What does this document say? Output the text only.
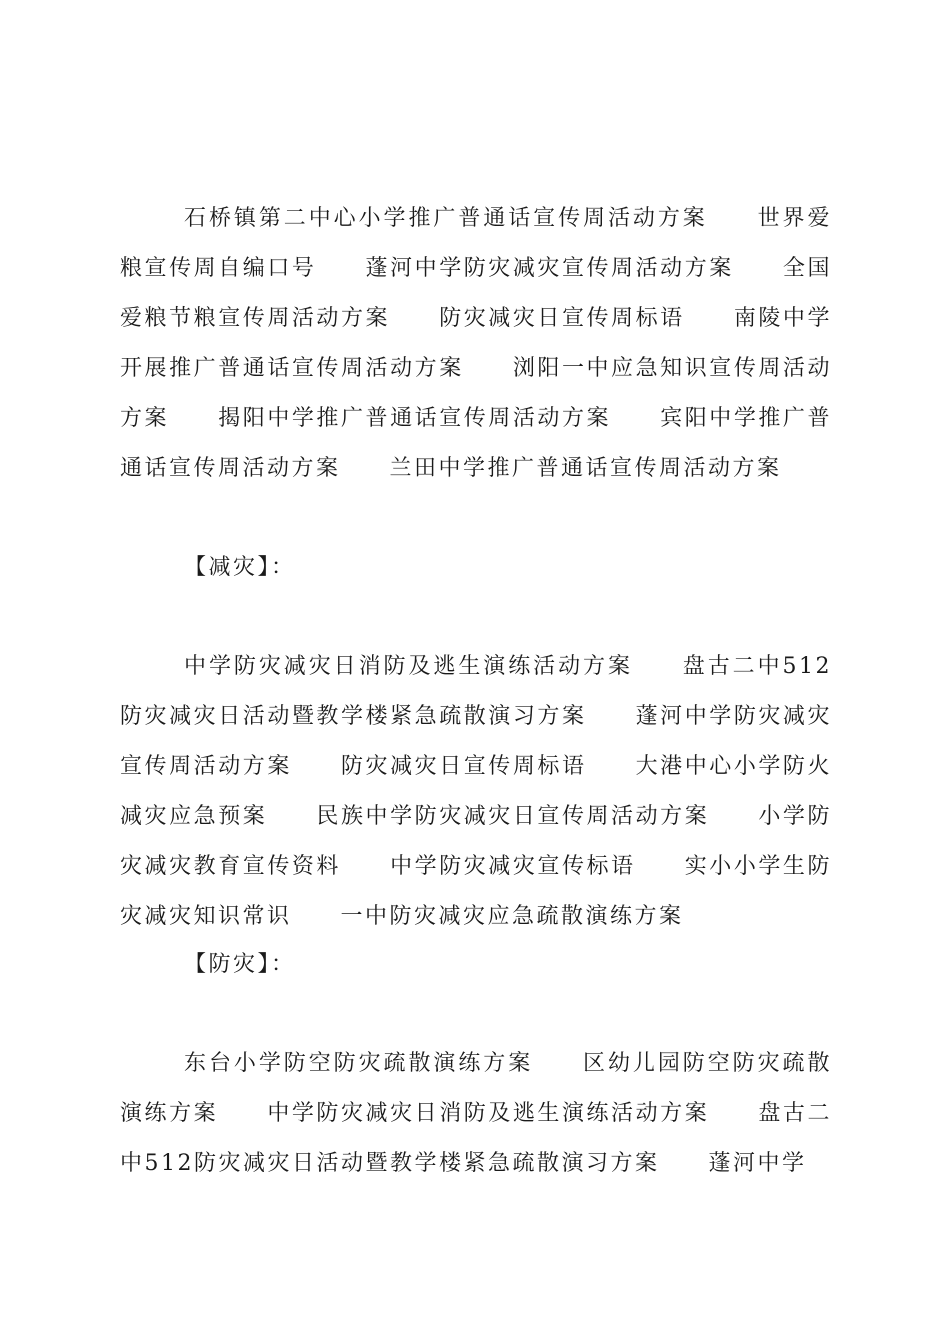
石桥镇第二中心小学推广普通话宣传周活动方案　　世界爱粮宣传周自编口号　　蓬河中学防灾减灾宣传周活动方案　　全国爱粮节粮宣传周活动方案　　防灾减灾日宣传周标语　　南陵中学开展推广普通话宣传周活动方案　　浏阳一中应急知识宣传周活动方案　　揭阳中学推广普通话宣传周活动方案　　宾阳中学推广普通话宣传周活动方案　　兰田中学推广普通话宣传周活动方案

【减灾】：

中学防灾减灾日消防及逃生演练活动方案　　盘古二中512防灾减灾日活动暨教学楼紧急疏散演习方案　　蓬河中学防灾减灾宣传周活动方案　　防灾减灾日宣传周标语　　大港中心小学防火减灾应急预案　　民族中学防灾减灾日宣传周活动方案　　小学防灾减灾教育宣传资料　　中学防灾减灾宣传标语　　实小小学生防灾减灾知识常识　　一中防灾减灾应急疏散演练方案

【防灾】：

东台小学防空防灾疏散演练方案　　区幼儿园防空防灾疏散演练方案　　中学防灾减灾日消防及逃生演练活动方案　　盘古二中512防灾减灾日活动暨教学楼紧急疏散演习方案　　蓬河中学
